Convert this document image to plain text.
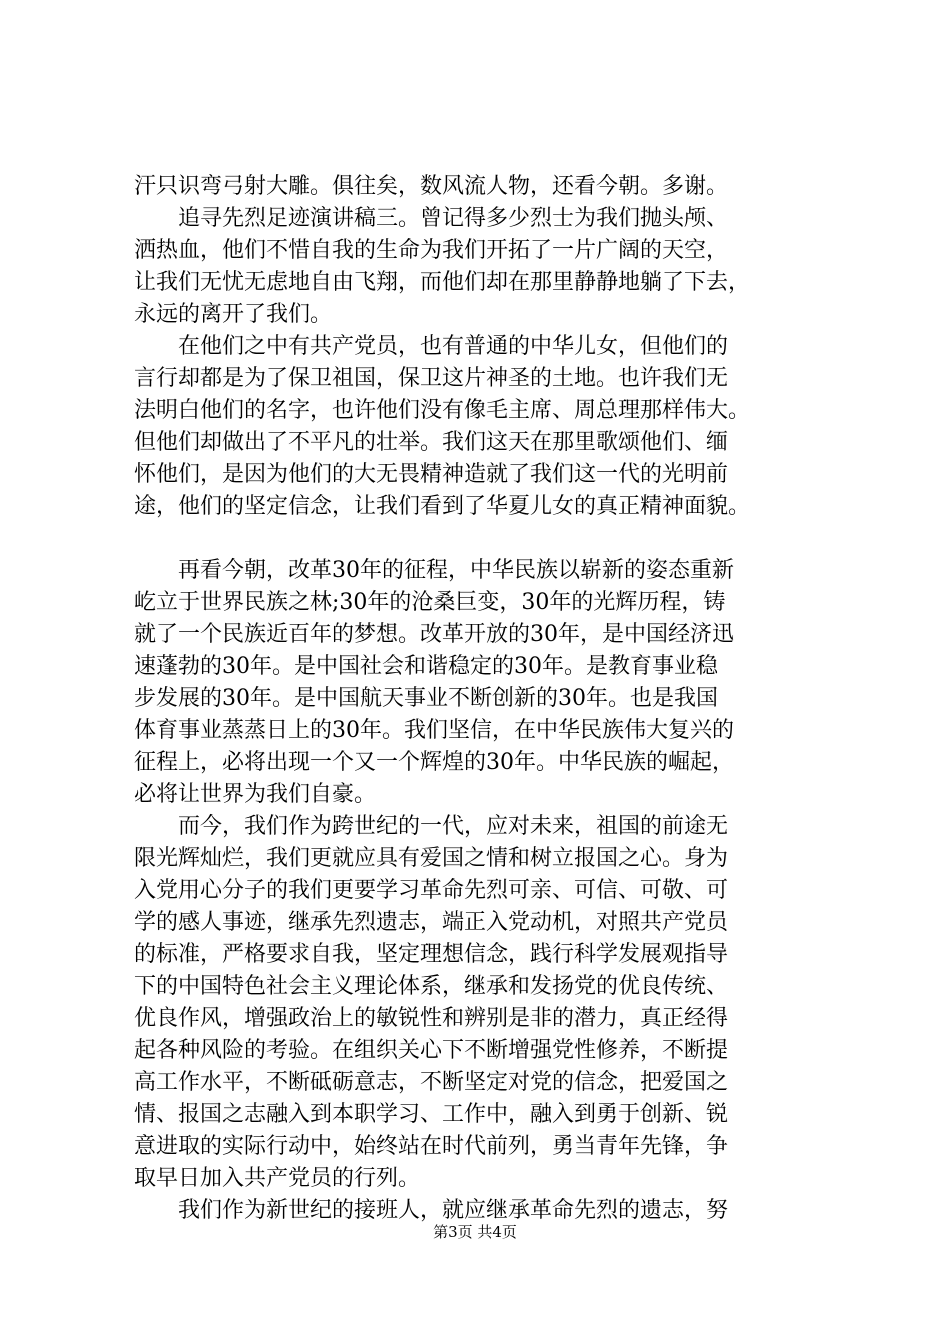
汗只识弯弓射大雕。俱往矣，数风流人物，还看今朝。多谢。
　　追寻先烈足迹演讲稿三。曾记得多少烈士为我们抛头颅、
洒热血，他们不惜自我的生命为我们开拓了一片广阔的天空，
让我们无忧无虑地自由飞翔，而他们却在那里静静地躺了下去，
永远的离开了我们。
　　在他们之中有共产党员，也有普通的中华儿女，但他们的
言行却都是为了保卫祖国，保卫这片神圣的土地。也许我们无
法明白他们的名字，也许他们没有像毛主席、周总理那样伟大。
但他们却做出了不平凡的壮举。我们这天在那里歌颂他们、缅
怀他们，是因为他们的大无畏精神造就了我们这一代的光明前
途，他们的坚定信念，让我们看到了华夏儿女的真正精神面貌。
　　再看今朝，改革30年的征程，中华民族以崭新的姿态重新
屹立于世界民族之林;30年的沧桑巨变，30年的光辉历程，铸
就了一个民族近百年的梦想。改革开放的30年，是中国经济迅
速蓬勃的30年。是中国社会和谐稳定的30年。是教育事业稳
步发展的30年。是中国航天事业不断创新的30年。也是我国
体育事业蒸蒸日上的30年。我们坚信，在中华民族伟大复兴的
征程上，必将出现一个又一个辉煌的30年。中华民族的崛起，
必将让世界为我们自豪。
　　而今，我们作为跨世纪的一代，应对未来，祖国的前途无
限光辉灿烂，我们更就应具有爱国之情和树立报国之心。身为
入党用心分子的我们更要学习革命先烈可亲、可信、可敬、可
学的感人事迹，继承先烈遗志，端正入党动机，对照共产党员
的标准，严格要求自我，坚定理想信念，践行科学发展观指导
下的中国特色社会主义理论体系，继承和发扬党的优良传统、
优良作风，增强政治上的敏锐性和辨别是非的潜力，真正经得
起各种风险的考验。在组织关心下不断增强党性修养，不断提
高工作水平，不断砥砺意志，不断坚定对党的信念，把爱国之
情、报国之志融入到本职学习、工作中，融入到勇于创新、锐
意进取的实际行动中，始终站在时代前列，勇当青年先锋，争
取早日加入共产党员的行列。
　　我们作为新世纪的接班人，就应继承革命先烈的遗志，努
第3页 共4页
